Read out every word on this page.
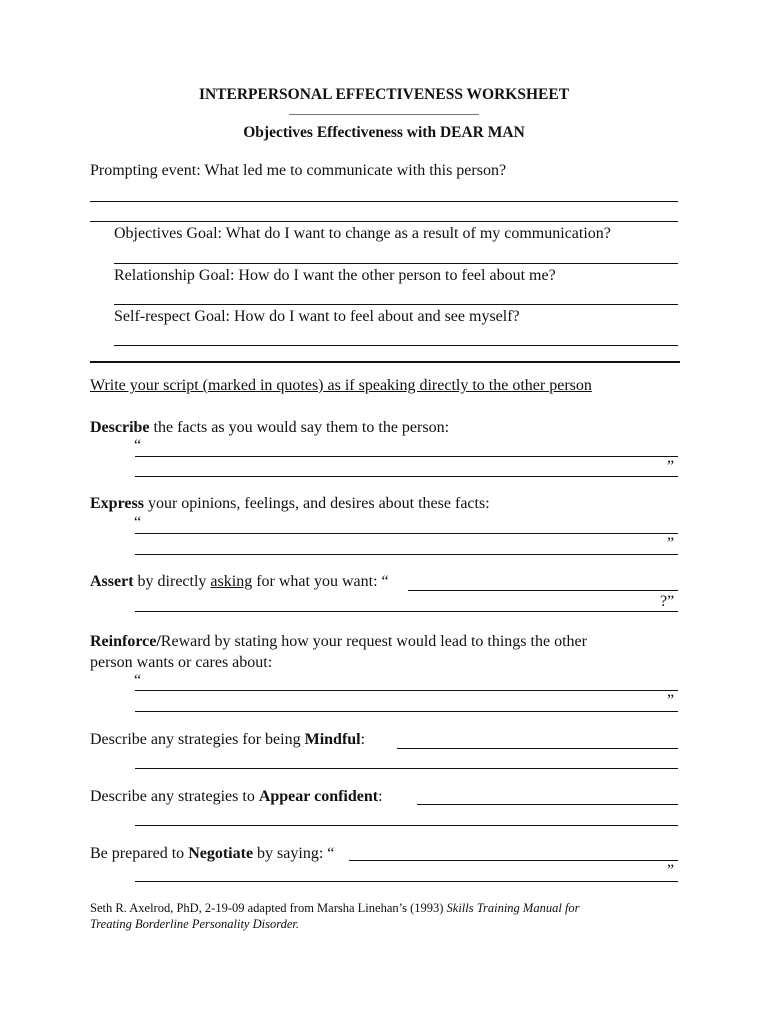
INTERPERSONAL EFFECTIVENESS WORKSHEET
Objectives Effectiveness with DEAR MAN
Prompting event: What led me to communicate with this person?
Objectives Goal: What do I want to change as a result of my communication?
Relationship Goal: How do I want the other person to feel about me?
Self-respect Goal: How do I want to feel about and see myself?
Write your script (marked in quotes) as if speaking directly to the other person
Describe the facts as you would say them to the person:
“
”
Express your opinions, feelings, and desires about these facts:
“
”
Assert by directly asking for what you want: “
?”
Reinforce/Reward by stating how your request would lead to things the other
person wants or cares about:
“
”
Describe any strategies for being Mindful:
Describe any strategies to Appear confident:
Be prepared to Negotiate by saying: “
”
Seth R. Axelrod, PhD, 2-19-09 adapted from Marsha Linehan’s (1993) Skills Training Manual for
Treating Borderline Personality Disorder.
